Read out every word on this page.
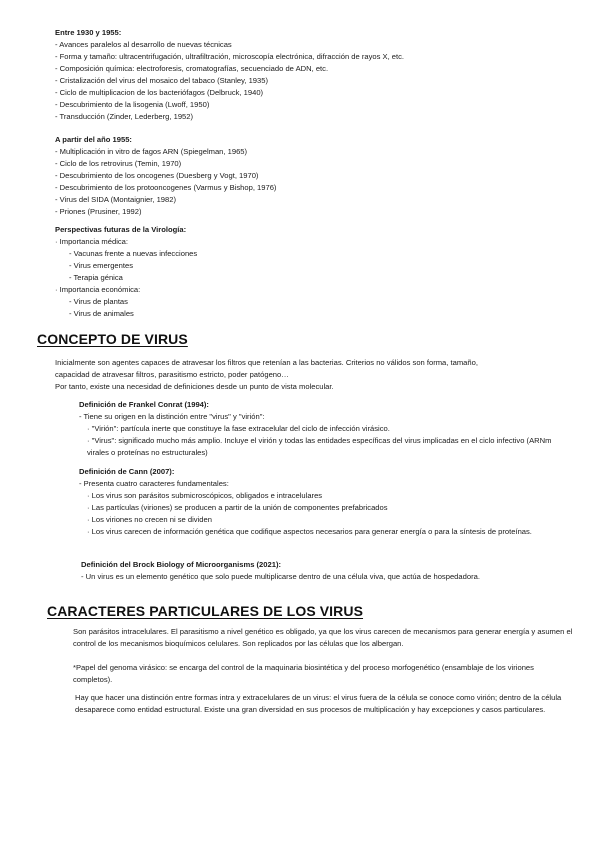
Entre 1930 y 1955:

- Avances paralelos al desarrollo de nuevas técnicas

- Forma y tamaño: ultracentrifugación, ultrafiltración, microscopía electrónica, difracción de rayos X, etc.

- Composición química: electroforesis, cromatografías, secuenciado de ADN, etc.

- Cristalización del virus del mosaico del tabaco (Stanley, 1935)

- Ciclo de multiplicacion de los bacteriófagos (Delbruck, 1940)

- Descubrimiento de la lisogenia (Lwoff, 1950)

- Transducción (Zinder, Lederberg, 1952)

A partir del año 1955:

- Multiplicación in vitro de fagos ARN (Spiegelman, 1965)

- Ciclo de los retrovirus (Temin, 1970)

- Descubrimiento de los oncogenes (Duesberg y Vogt, 1970)

- Descubrimiento de los protooncogenes (Varmus y Bishop, 1976)

- Virus del SIDA (Montaignier, 1982)

- Priones (Prusiner, 1992)

Perspectivas futuras de la Virología:

· Importancia médica:

- Vacunas frente a nuevas infecciones

- Virus emergentes

- Terapia génica

· Importancia económica:

- Virus de plantas

- Virus de animales

CONCEPTO DE VIRUS

Inicialmente son agentes capaces de atravesar los filtros que retenían a las bacterias. Criterios no válidos son forma, tamaño,

capacidad de atravesar filtros, parasitismo estricto, poder patógeno…

Por tanto, existe una necesidad de definiciones desde un punto de vista molecular.

Definición de Frankel Conrat (1994):

- Tiene su origen en la distinción entre "virus" y "virión":

· "Virión": partícula inerte que constituye la fase extracelular del ciclo de infección virásico.

· "Virus": significado mucho más amplio. Incluye el virión y todas las entidades específicas del virus implicadas en el ciclo infectivo (ARNm virales o proteínas no estructurales)

Definición de Cann (2007):

- Presenta cuatro caracteres fundamentales:

· Los virus son parásitos submicroscópicos, obligados e intracelulares

· Las partículas (viriones) se producen a partir de la unión de componentes prefabricados

· Los viriones no crecen ni se dividen

· Los virus carecen de información genética que codifique aspectos necesarios para generar energía o para la síntesis de proteínas.

Definición del Brock Biology of Microorganisms (2021):

- Un virus es un elemento genético que solo puede multiplicarse dentro de una célula viva, que actúa de hospedadora.

CARACTERES PARTICULARES DE LOS VIRUS

Son parásitos intracelulares. El parasitismo a nivel genético es obligado, ya que los virus carecen de mecanismos para generar energía y asumen el control de los mecanismos bioquímicos celulares. Son replicados por las células que los albergan.

*Papel del genoma virásico: se encarga del control de la maquinaria biosintética y del proceso morfogenético (ensamblaje de los viriones completos).

Hay que hacer una distinción entre formas intra y extracelulares de un virus: el virus fuera de la célula se conoce como virión; dentro de la célula desaparece como entidad estructural. Existe una gran diversidad en sus procesos de multiplicación y hay excepciones y casos particulares.
